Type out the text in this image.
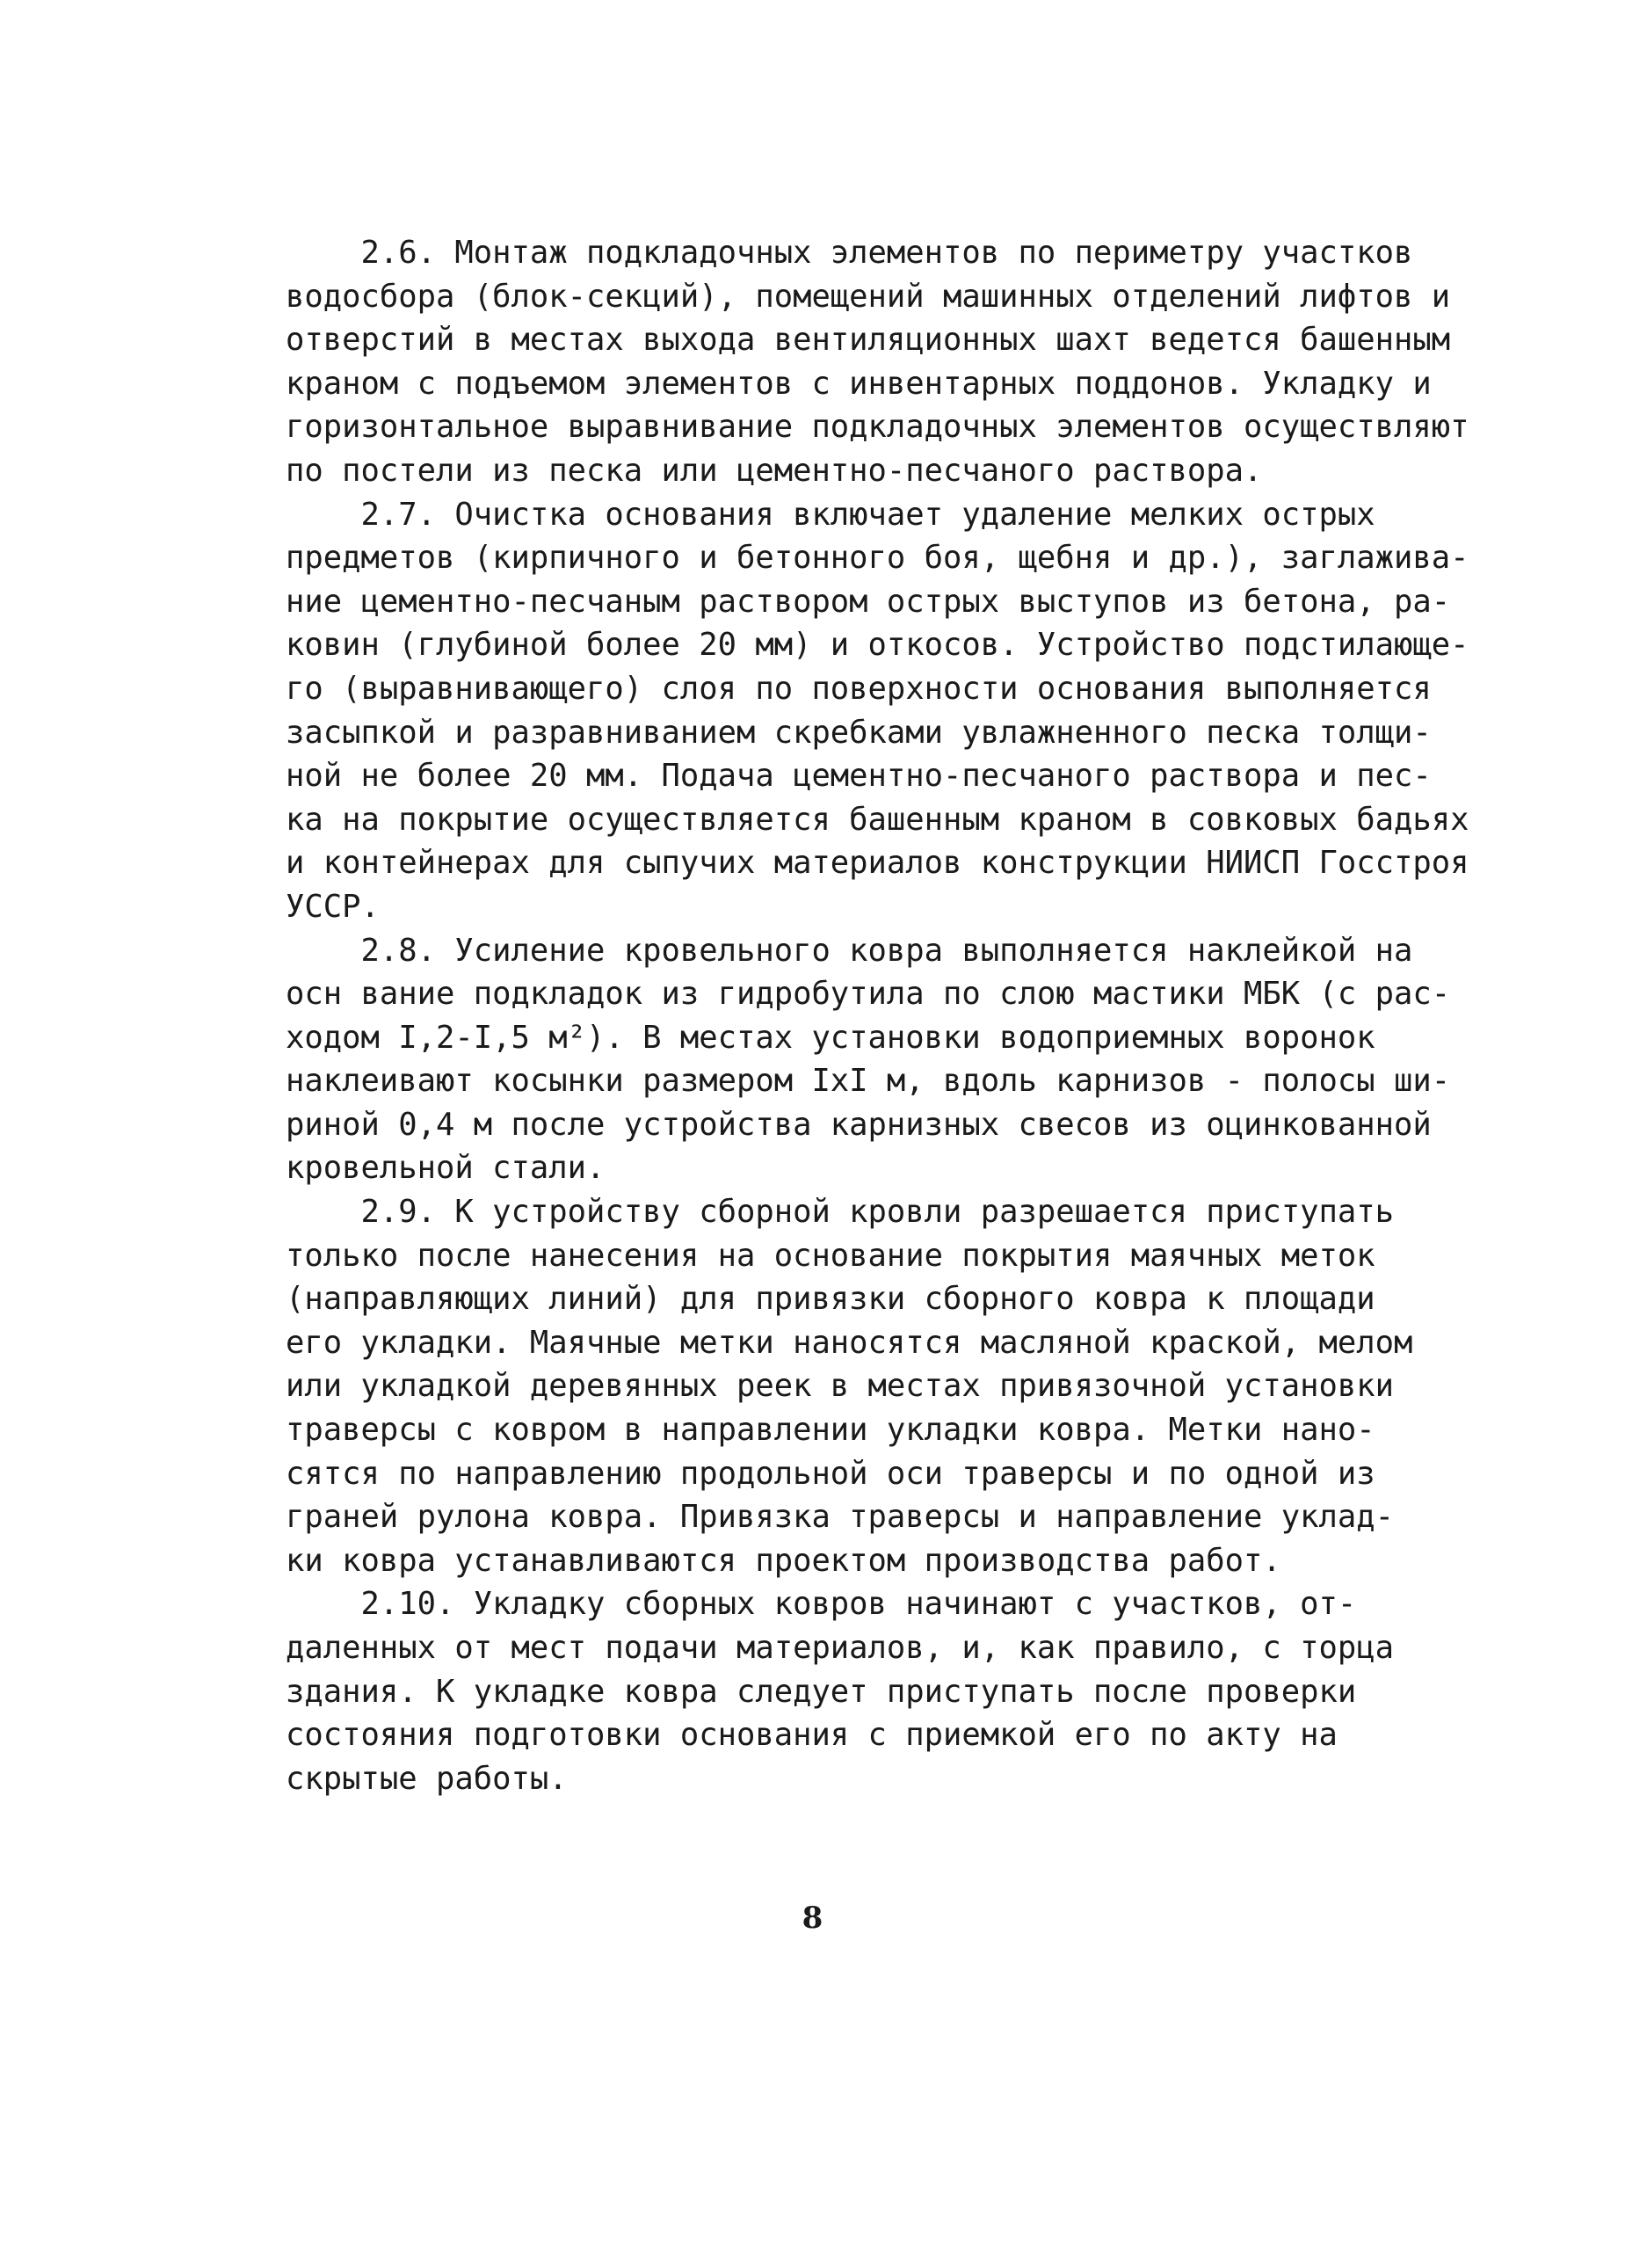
2.6. Монтаж подкладочных элементов по периметру участков
водосбора (блок-секций), помещений машинных отделений лифтов и
отверстий в местах выхода вентиляционных шахт ведется башенным
краном с подъемом элементов с инвентарных поддонов. Укладку и
горизонтальное выравнивание подкладочных элементов осуществляют
по постели из песка или цементно-песчаного раствора.
2.7. Очистка основания включает удаление мелких острых
предметов (кирпичного и бетонного боя, щебня и др.), заглажива-
ние цементно-песчаным раствором острых выступов из бетона, ра-
ковин (глубиной более 20 мм) и откосов. Устройство подстилающе-
го (выравнивающего) слоя по поверхности основания выполняется
засыпкой и разравниванием скребками увлажненного песка толщи-
ной не более 20 мм. Подача цементно-песчаного раствора и пес-
ка на покрытие осуществляется башенным краном в совковых бадьях
и контейнерах для сыпучих материалов конструкции НИИСП Госстроя
УССР.
2.8. Усиление кровельного ковра выполняется наклейкой на
осн вание подкладок из гидробутила по слою мастики МБК (с рас-
ходом I,2-I,5 м²). В местах установки водоприемных воронок
наклеивают косынки размером IxI м, вдоль карнизов - полосы ши-
риной 0,4 м после устройства карнизных свесов из оцинкованной
кровельной стали.
2.9. К устройству сборной кровли разрешается приступать
только после нанесения на основание покрытия маячных меток
(направляющих линий) для привязки сборного ковра к площади
его укладки. Маячные метки наносятся масляной краской, мелом
или укладкой деревянных реек в местах привязочной установки
траверсы с ковром в направлении укладки ковра. Метки нано-
сятся по направлению продольной оси траверсы и по одной из
граней рулона ковра. Привязка траверсы и направление уклад-
ки ковра устанавливаются проектом производства работ.
2.10. Укладку сборных ковров начинают с участков, от-
даленных от мест подачи материалов, и, как правило, с торца
здания. К укладке ковра следует приступать после проверки
состояния подготовки основания с приемкой его по акту на
скрытые работы.
8
